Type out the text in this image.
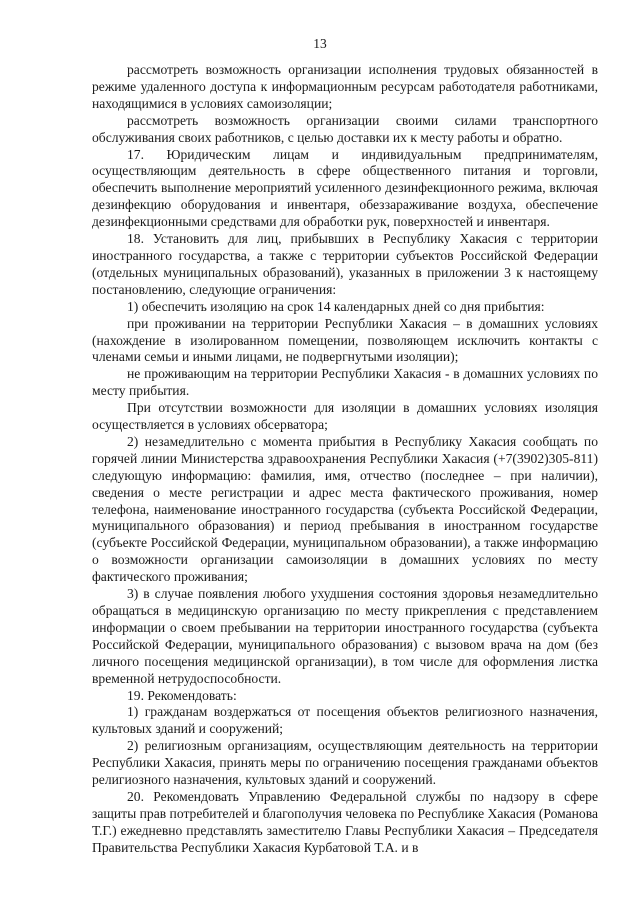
13

рассмотреть возможность организации исполнения трудовых обязанностей в режиме удаленного доступа к информационным ресурсам работодателя работниками, находящимися в условиях самоизоляции;

рассмотреть возможность организации своими силами транспортного обслуживания своих работников, с целью доставки их к месту работы и обратно.

17. Юридическим лицам и индивидуальным предпринимателям, осуществляющим деятельность в сфере общественного питания и торговли, обеспечить выполнение мероприятий усиленного дезинфекционного режима, включая дезинфекцию оборудования и инвентаря, обеззараживание воздуха, обеспечение дезинфекционными средствами для обработки рук, поверхностей и инвентаря.

18. Установить для лиц, прибывших в Республику Хакасия с территории иностранного государства, а также с территории субъектов Российской Федерации (отдельных муниципальных образований), указанных в приложении 3 к настоящему постановлению, следующие ограничения:

1) обеспечить изоляцию на срок 14 календарных дней со дня прибытия:

при проживании на территории Республики Хакасия – в домашних условиях (нахождение в изолированном помещении, позволяющем исключить контакты с членами семьи и иными лицами, не подвергнутыми изоляции);

не проживающим на территории Республики Хакасия - в домашних условиях по месту прибытия.

При отсутствии возможности для изоляции в домашних условиях изоляция осуществляется в условиях обсерватора;

2) незамедлительно с момента прибытия в Республику Хакасия сообщать по горячей линии Министерства здравоохранения Республики Хакасия (+7(3902)305-811) следующую информацию: фамилия, имя, отчество (последнее – при наличии), сведения о месте регистрации и адрес места фактического проживания, номер телефона, наименование иностранного государства (субъекта Российской Федерации, муниципального образования) и период пребывания в иностранном государстве (субъекте Российской Федерации, муниципальном образовании), а также информацию о возможности организации самоизоляции в домашних условиях по месту фактического проживания;

3) в случае появления любого ухудшения состояния здоровья незамедлительно обращаться в медицинскую организацию по месту прикрепления с представлением информации о своем пребывании на территории иностранного государства (субъекта Российской Федерации, муниципального образования) с вызовом врача на дом (без личного посещения медицинской организации), в том числе для оформления листка временной нетрудоспособности.

19. Рекомендовать:

1) гражданам воздержаться от посещения объектов религиозного назначения, культовых зданий и сооружений;

2) религиозным организациям, осуществляющим деятельность на территории Республики Хакасия, принять меры по ограничению посещения гражданами объектов религиозного назначения, культовых зданий и сооружений.

20. Рекомендовать Управлению Федеральной службы по надзору в сфере защиты прав потребителей и благополучия человека по Республике Хакасия (Романова Т.Г.) ежедневно представлять заместителю Главы Республики Хакасия – Председателя Правительства Республики Хакасия Курбатовой Т.А. и в
